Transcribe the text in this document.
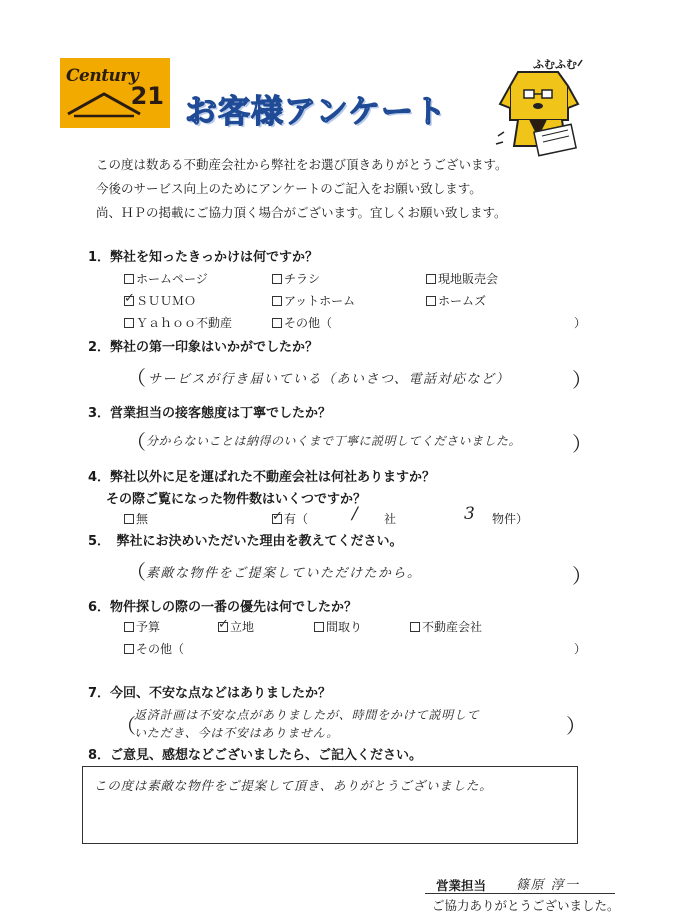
Century
21 お客様アンケート
ふむふむ
この度は数ある不動産会社から弊社をお選び頂きありがとうございます。
今後のサービス向上のためにアンケートのご記入をお願い致します。
尚、ＨＰの掲載にご協力頂く場合がございます。宜しくお願い致します。
1．弊社を知ったきっかけは何ですか？
ホームページ	チラシ	現地販売会
✓ ＳＵＵＭＯ	アットホーム	ホームズ
Ｙａｈｏｏ不動産	その他（	）
2．弊社の第一印象はいかがでしたか？
（ サービスが行き届いている（あいさつ、電話対応など）	）
3．営業担当の接客態度は丁寧でしたか？
（ 分からないことは納得のいくまで丁寧に説明してくださいました。	）
4．弊社以外に足を運ばれた不動産会社は何社ありますか？
その際ご覧になった物件数はいくつですか？
無	✓ 有（	/ 社	3 物件）
5．　弊社にお決めいただいた理由を教えてください。
（ 素敵な物件をご提案していただけたから。	）
6．物件探しの際の一番の優先は何でしたか？
予算	✓ 立地	間取り	不動産会社
その他（	）
7．今回、不安な点などはありましたか？
（
返済計画は不安な点がありましたが、時間をかけて説明して
いただき、今は不安はありません。	）
8．ご意見、感想などございましたら、ご記入ください。
この度は素敵な物件をご提案して頂き、ありがとうございました。
営業担当 篠原 淳一
ご協力ありがとうございました。
